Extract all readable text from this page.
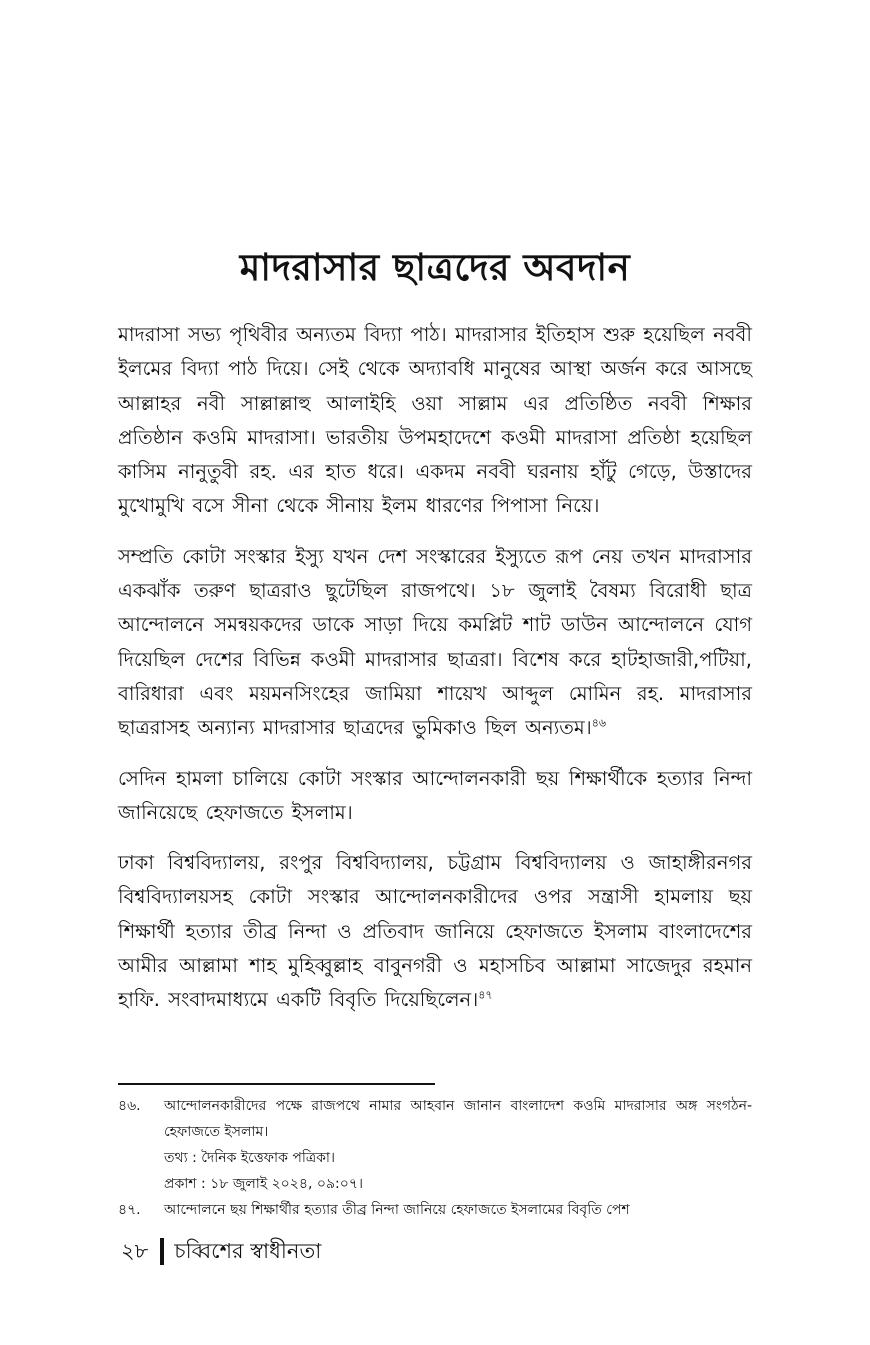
মাদরাসার ছাত্রদের অবদান

মাদরাসা সভ্য পৃথিবীর অন্যতম বিদ্যা পাঠ। মাদরাসার ইতিহাস শুরু হয়েছিল নববী ইলমের বিদ্যা পাঠ দিয়ে। সেই থেকে অদ্যাবধি মানুষের আস্থা অর্জন করে আসছে আল্লাহর নবী সাল্লাল্লাহু আলাইহি ওয়া সাল্লাম এর প্রতিষ্ঠিত নববী শিক্ষার প্রতিষ্ঠান কওমি মাদরাসা। ভারতীয় উপমহাদেশে কওমী মাদরাসা প্রতিষ্ঠা হয়েছিল কাসিম নানুতুবী রহ. এর হাত ধরে। একদম নববী ঘরনায় হাঁটু গেড়ে, উস্তাদের মুখোমুখি বসে সীনা থেকে সীনায় ইলম ধারণের পিপাসা নিয়ে।

সম্প্রতি কোটা সংস্কার ইস্যু যখন দেশ সংস্কারের ইস্যুতে রূপ নেয় তখন মাদরাসার একঝাঁক তরুণ ছাত্ররাও ছুটেছিল রাজপথে। ১৮ জুলাই বৈষম্য বিরোধী ছাত্র আন্দোলনে সমন্বয়কদের ডাকে সাড়া দিয়ে কমপ্লিট শাট ডাউন আন্দোলনে যোগ দিয়েছিল দেশের বিভিন্ন কওমী মাদরাসার ছাত্ররা। বিশেষ করে হাটহাজারী,পটিয়া, বারিধারা এবং ময়মনসিংহের জামিয়া শায়েখ আব্দুল মোমিন রহ. মাদরাসার ছাত্ররাসহ অন্যান্য মাদরাসার ছাত্রদের ভুমিকাও ছিল অন্যতম।$^{৪৬}$

সেদিন হামলা চালিয়ে কোটা সংস্কার আন্দোলনকারী ছয় শিক্ষার্থীকে হত্যার নিন্দা জানিয়েছে হেফাজতে ইসলাম।

ঢাকা বিশ্ববিদ্যালয়, রংপুর বিশ্ববিদ্যালয়, চট্টগ্রাম বিশ্ববিদ্যালয় ও জাহাঙ্গীরনগর বিশ্ববিদ্যালয়সহ কোটা সংস্কার আন্দোলনকারীদের ওপর সন্ত্রাসী হামলায় ছয় শিক্ষার্থী হত্যার তীব্র নিন্দা ও প্রতিবাদ জানিয়ে হেফাজতে ইসলাম বাংলাদেশের আমীর আল্লামা শাহ মুহিব্বুল্লাহ বাবুনগরী ও মহাসচিব আল্লামা সাজেদুর রহমান হাফি. সংবাদমাধ্যমে একটি বিবৃতি দিয়েছিলেন।$^{৪৭}$

৪৬.	আন্দোলনকারীদের পক্ষে রাজপথে নামার আহবান জানান বাংলাদেশ কওমি মাদরাসার অঙ্গ সংগঠন-হেফাজতে ইসলাম।
তথ্য : দৈনিক ইত্তেফাক পত্রিকা।
প্রকাশ : ১৮ জুলাই ২০২৪, ০৯:০৭।
৪৭.	আন্দোলনে ছয় শিক্ষার্থীর হত্যার তীব্র নিন্দা জানিয়ে হেফাজতে ইসলামের বিবৃতি পেশ
২৮ চব্বিশের স্বাধীনতা
